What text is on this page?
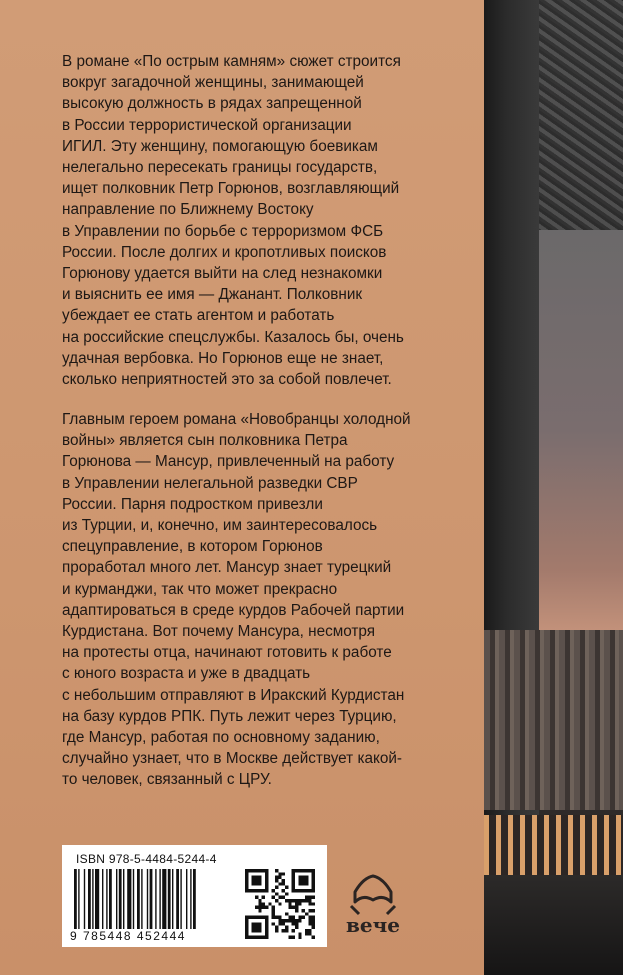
В романе «По острым камням» сюжет строится
вокруг загадочной женщины, занимающей
высокую должность в рядах запрещенной
в России террористической организации
ИГИЛ. Эту женщину, помогающую боевикам
нелегально пересекать границы государств,
ищет полковник Петр Горюнов, возглавляющий
направление по Ближнему Востоку
в Управлении по борьбе с терроризмом ФСБ
России. После долгих и кропотливых поисков
Горюнову удается выйти на след незнакомки
и выяснить ее имя — Джанант. Полковник
убеждает ее стать агентом и работать
на российские спецслужбы. Казалось бы, очень
удачная вербовка. Но Горюнов еще не знает,
сколько неприятностей это за собой повлечет.

Главным героем романа «Новобранцы холодной
войны» является сын полковника Петра
Горюнова — Мансур, привлеченный на работу
в Управлении нелегальной разведки СВР
России. Парня подростком привезли
из Турции, и, конечно, им заинтересовалось
спецуправление, в котором Горюнов
проработал много лет. Мансур знает турецкий
и курманджи, так что может прекрасно
адаптироваться в среде курдов Рабочей партии
Курдистана. Вот почему Мансура, несмотря
на протесты отца, начинают готовить к работе
с юного возраста и уже в двадцать
с небольшим отправляют в Иракский Курдистан
на базу курдов РПК. Путь лежит через Турцию,
где Мансур, работая по основному заданию,
случайно узнает, что в Москве действует какой-
то человек, связанный с ЦРУ.

ISBN 978-5-4484-5244-4
9 785448 452444	вече
